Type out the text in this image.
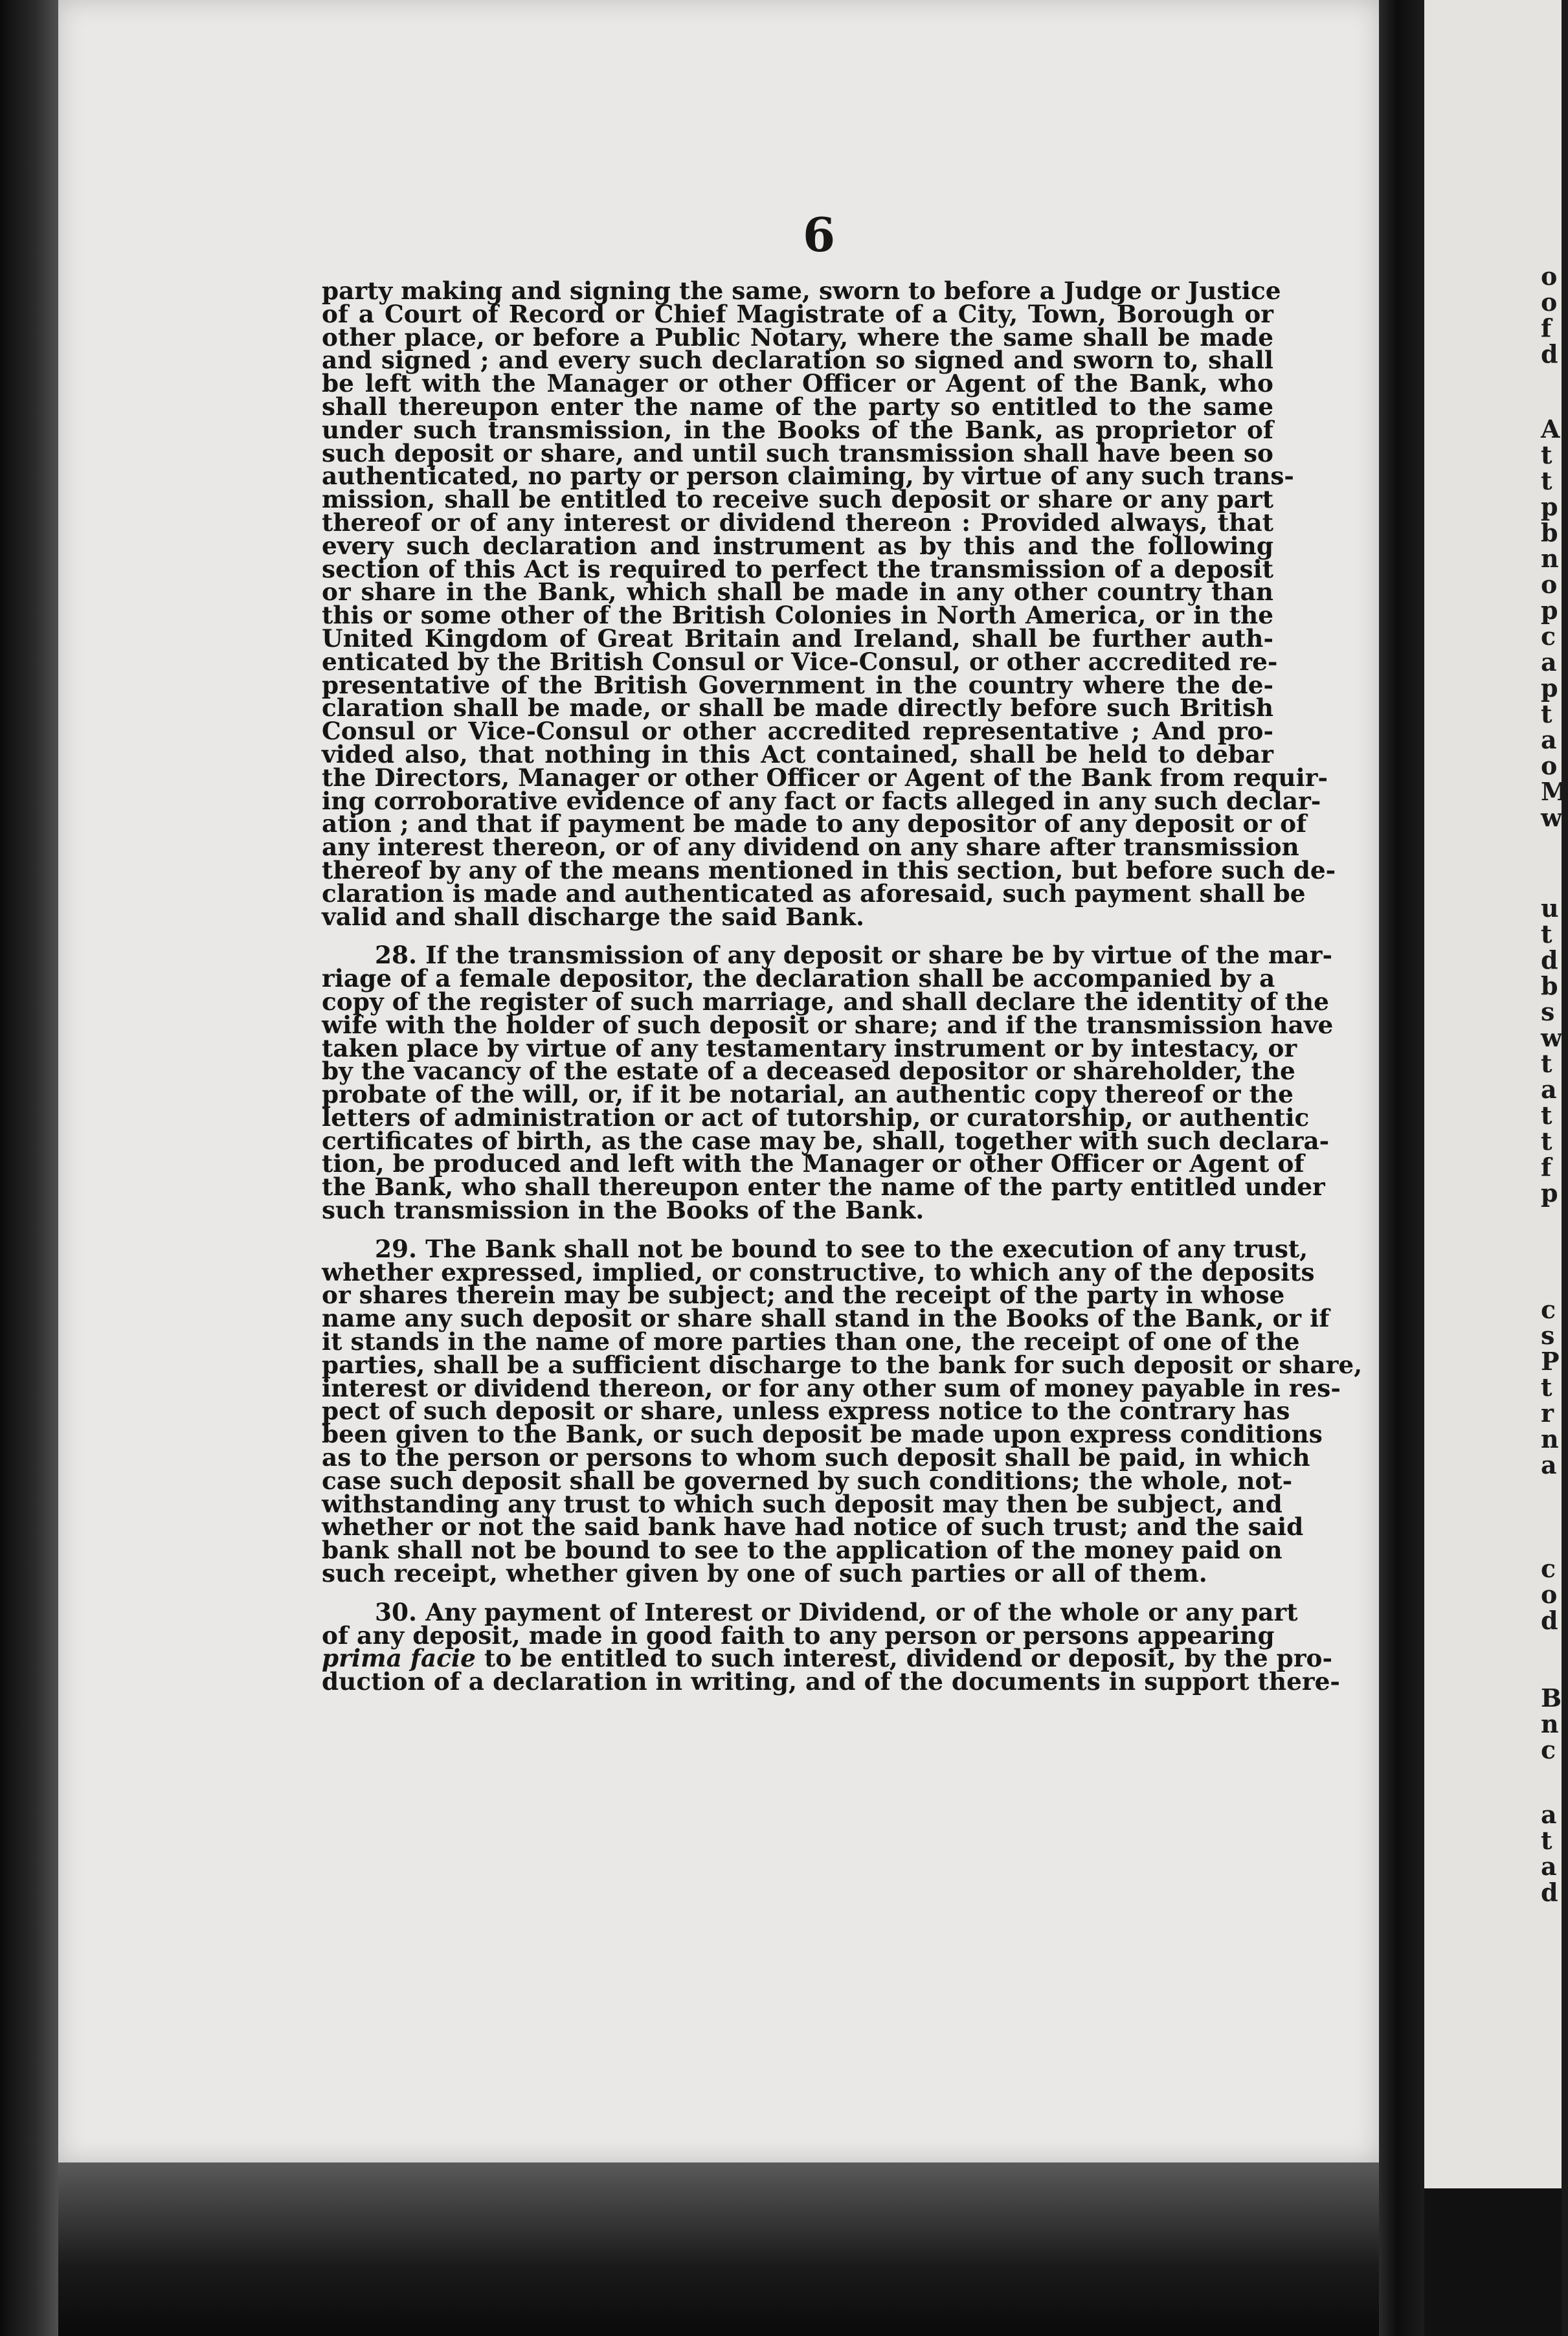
o
o
f
d
A
t
t
p
b
n
o
p
c
a
p
t
a
o
M
w
u
t
d
b
s
w
t
a
t
t
f
p
c
s
P
t
r
n
a
c
o
d
B
n
c
a
t
a
d
6
party making and signing the same, sworn to before a Judge or Justice
of a Court of Record or Chief Magistrate of a City, Town, Borough or
other place, or before a Public Notary, where the same shall be made
and signed ; and every such declaration so signed and sworn to, shall
be left with the Manager or other Officer or Agent of the Bank, who
shall thereupon enter the name of the party so entitled to the same
under such transmission, in the Books of the Bank, as proprietor of
such deposit or share, and until such transmission shall have been so
authenticated, no party or person claiming, by virtue of any such trans-
mission, shall be entitled to receive such deposit or share or any part
thereof or of any interest or dividend thereon : Provided always, that
every such declaration and instrument as by this and the following
section of this Act is required to perfect the transmission of a deposit
or share in the Bank, which shall be made in any other country than
this or some other of the British Colonies in North America, or in the
United Kingdom of Great Britain and Ireland, shall be further auth-
enticated by the British Consul or Vice-Consul, or other accredited re-
presentative of the British Government in the country where the de-
claration shall be made, or shall be made directly before such British
Consul or Vice-Consul or other accredited representative ; And pro-
vided also, that nothing in this Act contained, shall be held to debar
the Directors, Manager or other Officer or Agent of the Bank from requir-
ing corroborative evidence of any fact or facts alleged in any such declar-
ation ; and that if payment be made to any depositor of any deposit or of
any interest thereon, or of any dividend on any share after transmission
thereof by any of the means mentioned in this section, but before such de-
claration is made and authenticated as aforesaid, such payment shall be
valid and shall discharge the said Bank.
28. If the transmission of any deposit or share be by virtue of the mar-
riage of a female depositor, the declaration shall be accompanied by a
copy of the register of such marriage, and shall declare the identity of the
wife with the holder of such deposit or share; and if the transmission have
taken place by virtue of any testamentary instrument or by intestacy, or
by the vacancy of the estate of a deceased depositor or shareholder, the
probate of the will, or, if it be notarial, an authentic copy thereof or the
letters of administration or act of tutorship, or curatorship, or authentic
certificates of birth, as the case may be, shall, together with such declara-
tion, be produced and left with the Manager or other Officer or Agent of
the Bank, who shall thereupon enter the name of the party entitled under
such transmission in the Books of the Bank.
29. The Bank shall not be bound to see to the execution of any trust,
whether expressed, implied, or constructive, to which any of the deposits
or shares therein may be subject; and the receipt of the party in whose
name any such deposit or share shall stand in the Books of the Bank, or if
it stands in the name of more parties than one, the receipt of one of the
parties, shall be a sufficient discharge to the bank for such deposit or share,
interest or dividend thereon, or for any other sum of money payable in res-
pect of such deposit or share, unless express notice to the contrary has
been given to the Bank, or such deposit be made upon express conditions
as to the person or persons to whom such deposit shall be paid, in which
case such deposit shall be governed by such conditions; the whole, not-
withstanding any trust to which such deposit may then be subject, and
whether or not the said bank have had notice of such trust; and the said
bank shall not be bound to see to the application of the money paid on
such receipt, whether given by one of such parties or all of them.
30. Any payment of Interest or Dividend, or of the whole or any part
of any deposit, made in good faith to any person or persons appearing
prima facie to be entitled to such interest, dividend or deposit, by the pro-
duction of a declaration in writing, and of the documents in support there-
